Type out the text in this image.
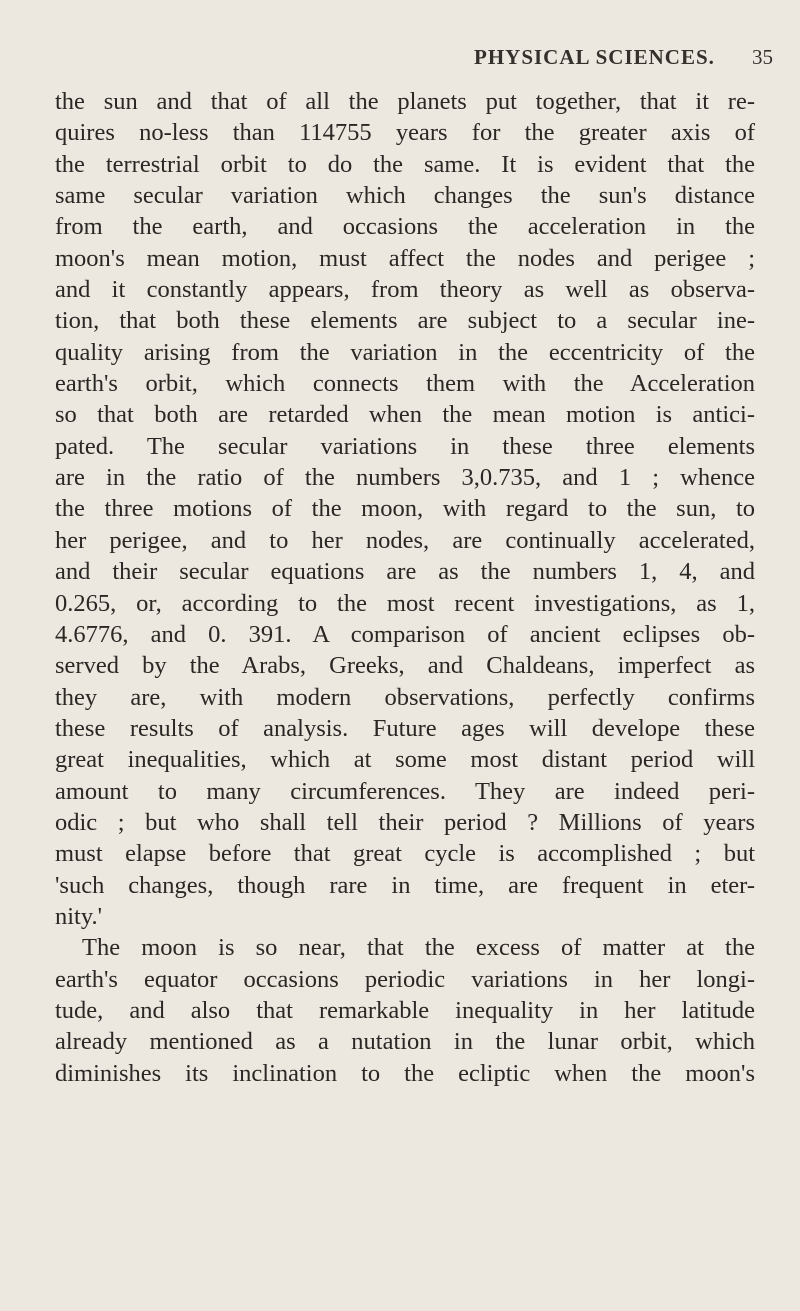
PHYSICAL SCIENCES. 35
the sun and that of all the planets put together, that it re-
quires no-less than 114755 years for the greater axis of
the terrestrial orbit to do the same. It is evident that the
same secular variation which changes the sun's distance
from the earth, and occasions the acceleration in the
moon's mean motion, must affect the nodes and perigee ;
and it constantly appears, from theory as well as observa-
tion, that both these elements are subject to a secular ine-
quality arising from the variation in the eccentricity of the
earth's orbit, which connects them with the Acceleration
so that both are retarded when the mean motion is antici-
pated. The secular variations in these three elements
are in the ratio of the numbers 3,0.735, and 1 ; whence
the three motions of the moon, with regard to the sun, to
her perigee, and to her nodes, are continually accelerated,
and their secular equations are as the numbers 1, 4, and
0.265, or, according to the most recent investigations, as 1,
4.6776, and 0. 391. A comparison of ancient eclipses ob-
served by the Arabs, Greeks, and Chaldeans, imperfect as
they are, with modern observations, perfectly confirms
these results of analysis. Future ages will develope these
great inequalities, which at some most distant period will
amount to many circumferences. They are indeed peri-
odic ; but who shall tell their period ? Millions of years
must elapse before that great cycle is accomplished ; but
'such changes, though rare in time, are frequent in eter-
nity.'
The moon is so near, that the excess of matter at the
earth's equator occasions periodic variations in her longi-
tude, and also that remarkable inequality in her latitude
already mentioned as a nutation in the lunar orbit, which
diminishes its inclination to the ecliptic when the moon's
